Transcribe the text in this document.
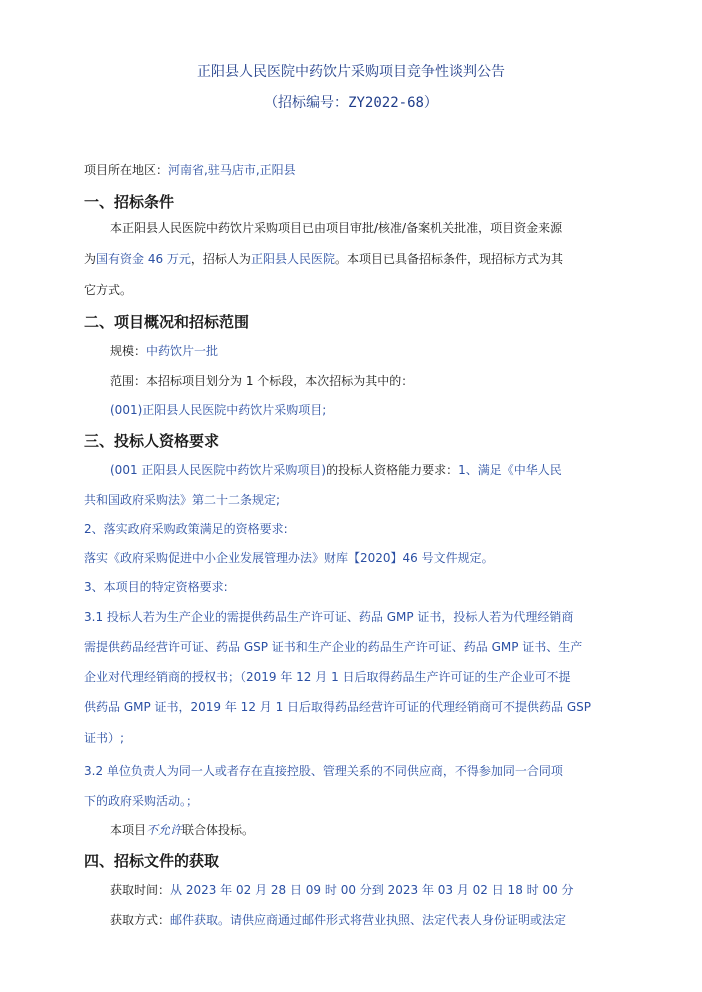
正阳县人民医院中药饮片采购项目竞争性谈判公告
（招标编号：ZY2022-68）
项目所在地区：河南省,驻马店市,正阳县
一、招标条件
本正阳县人民医院中药饮片采购项目已由项目审批/核准/备案机关批准，项目资金来源
为国有资金 46 万元，招标人为正阳县人民医院。本项目已具备招标条件，现招标方式为其
它方式。
二、项目概况和招标范围
规模：中药饮片一批
范围：本招标项目划分为 1 个标段，本次招标为其中的：
(001)正阳县人民医院中药饮片采购项目;
三、投标人资格要求
(001 正阳县人民医院中药饮片采购项目)的投标人资格能力要求：1、满足《中华人民
共和国政府采购法》第二十二条规定;
2、落实政府采购政策满足的资格要求:
落实《政府采购促进中小企业发展管理办法》财库【2020】46 号文件规定。
3、本项目的特定资格要求:
3.1 投标人若为生产企业的需提供药品生产许可证、药品 GMP 证书，投标人若为代理经销商
需提供药品经营许可证、药品 GSP 证书和生产企业的药品生产许可证、药品 GMP 证书、生产
企业对代理经销商的授权书；（2019 年 12 月 1 日后取得药品生产许可证的生产企业可不提
供药品 GMP 证书，2019 年 12 月 1 日后取得药品经营许可证的代理经销商可不提供药品 GSP
证书）;
3.2 单位负责人为同一人或者存在直接控股、管理关系的不同供应商，不得参加同一合同项
下的政府采购活动。；
本项目不允许联合体投标。
四、招标文件的获取
获取时间：从 2023 年 02 月 28 日 09 时 00 分到 2023 年 03 月 02 日 18 时 00 分
获取方式：邮件获取。请供应商通过邮件形式将营业执照、法定代表人身份证明或法定
